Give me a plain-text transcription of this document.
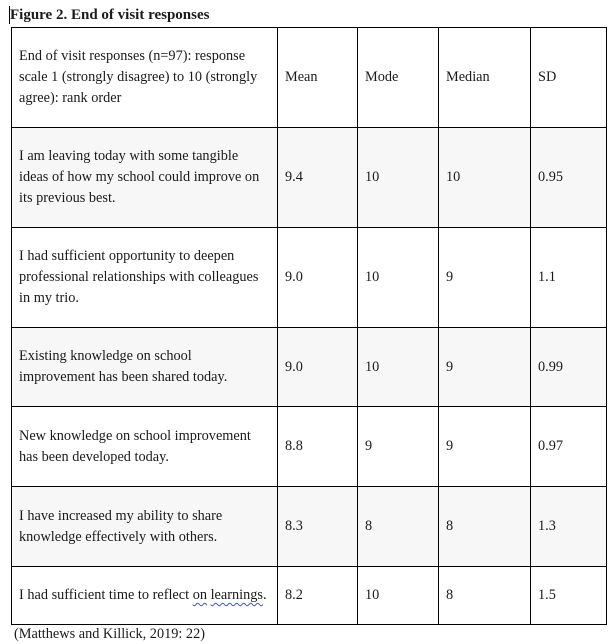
Figure 2. End of visit responses
End of visit responses (n=97): response scale 1 (strongly disagree) to 10 (strongly agree): rank order	Mean	Mode	Median	SD
I am leaving today with some tangible ideas of how my school could improve on its previous best.	9.4	10	10	0.95
I had sufficient opportunity to deepen professional relationships with colleagues in my trio.	9.0	10	9	1.1
Existing knowledge on school improvement has been shared today.	9.0	10	9	0.99
New knowledge on school improvement has been developed today.	8.8	9	9	0.97
I have increased my ability to share knowledge effectively with others.	8.3	8	8	1.3
I had sufficient time to reflect on learnings.	8.2	10	8	1.5
(Matthews and Killick, 2019: 22)
